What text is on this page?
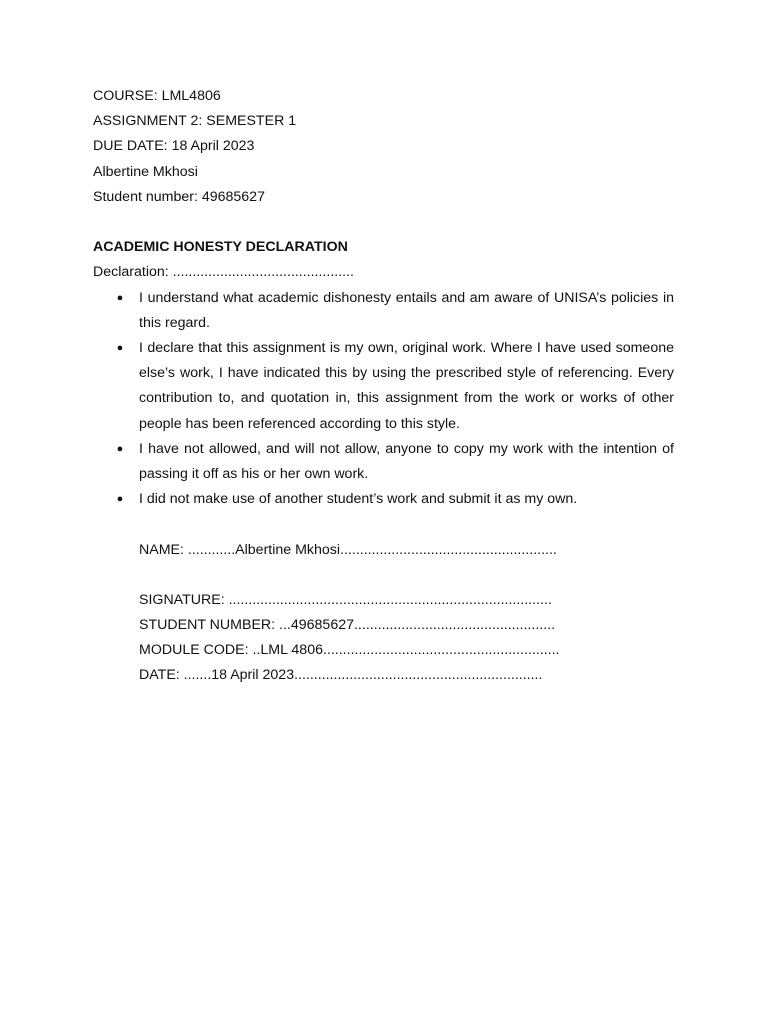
COURSE: LML4806
ASSIGNMENT 2: SEMESTER 1
DUE DATE: 18 April 2023
Albertine Mkhosi
Student number: 49685627
ACADEMIC HONESTY DECLARATION
Declaration: ..............................................
● I understand what academic dishonesty entails and am aware of UNISA’s policies in this regard.
● I declare that this assignment is my own, original work. Where I have used someone else’s work, I have indicated this by using the prescribed style of referencing. Every contribution to, and quotation in, this assignment from the work or works of other people has been referenced according to this style.
● I have not allowed, and will not allow, anyone to copy my work with the intention of passing it off as his or her own work.
● I did not make use of another student’s work and submit it as my own.
NAME: ............Albertine Mkhosi.......................................................
SIGNATURE: ..................................................................................
STUDENT NUMBER: ...49685627...................................................
MODULE CODE: ..LML 4806............................................................
DATE: .......18 April 2023...............................................................
